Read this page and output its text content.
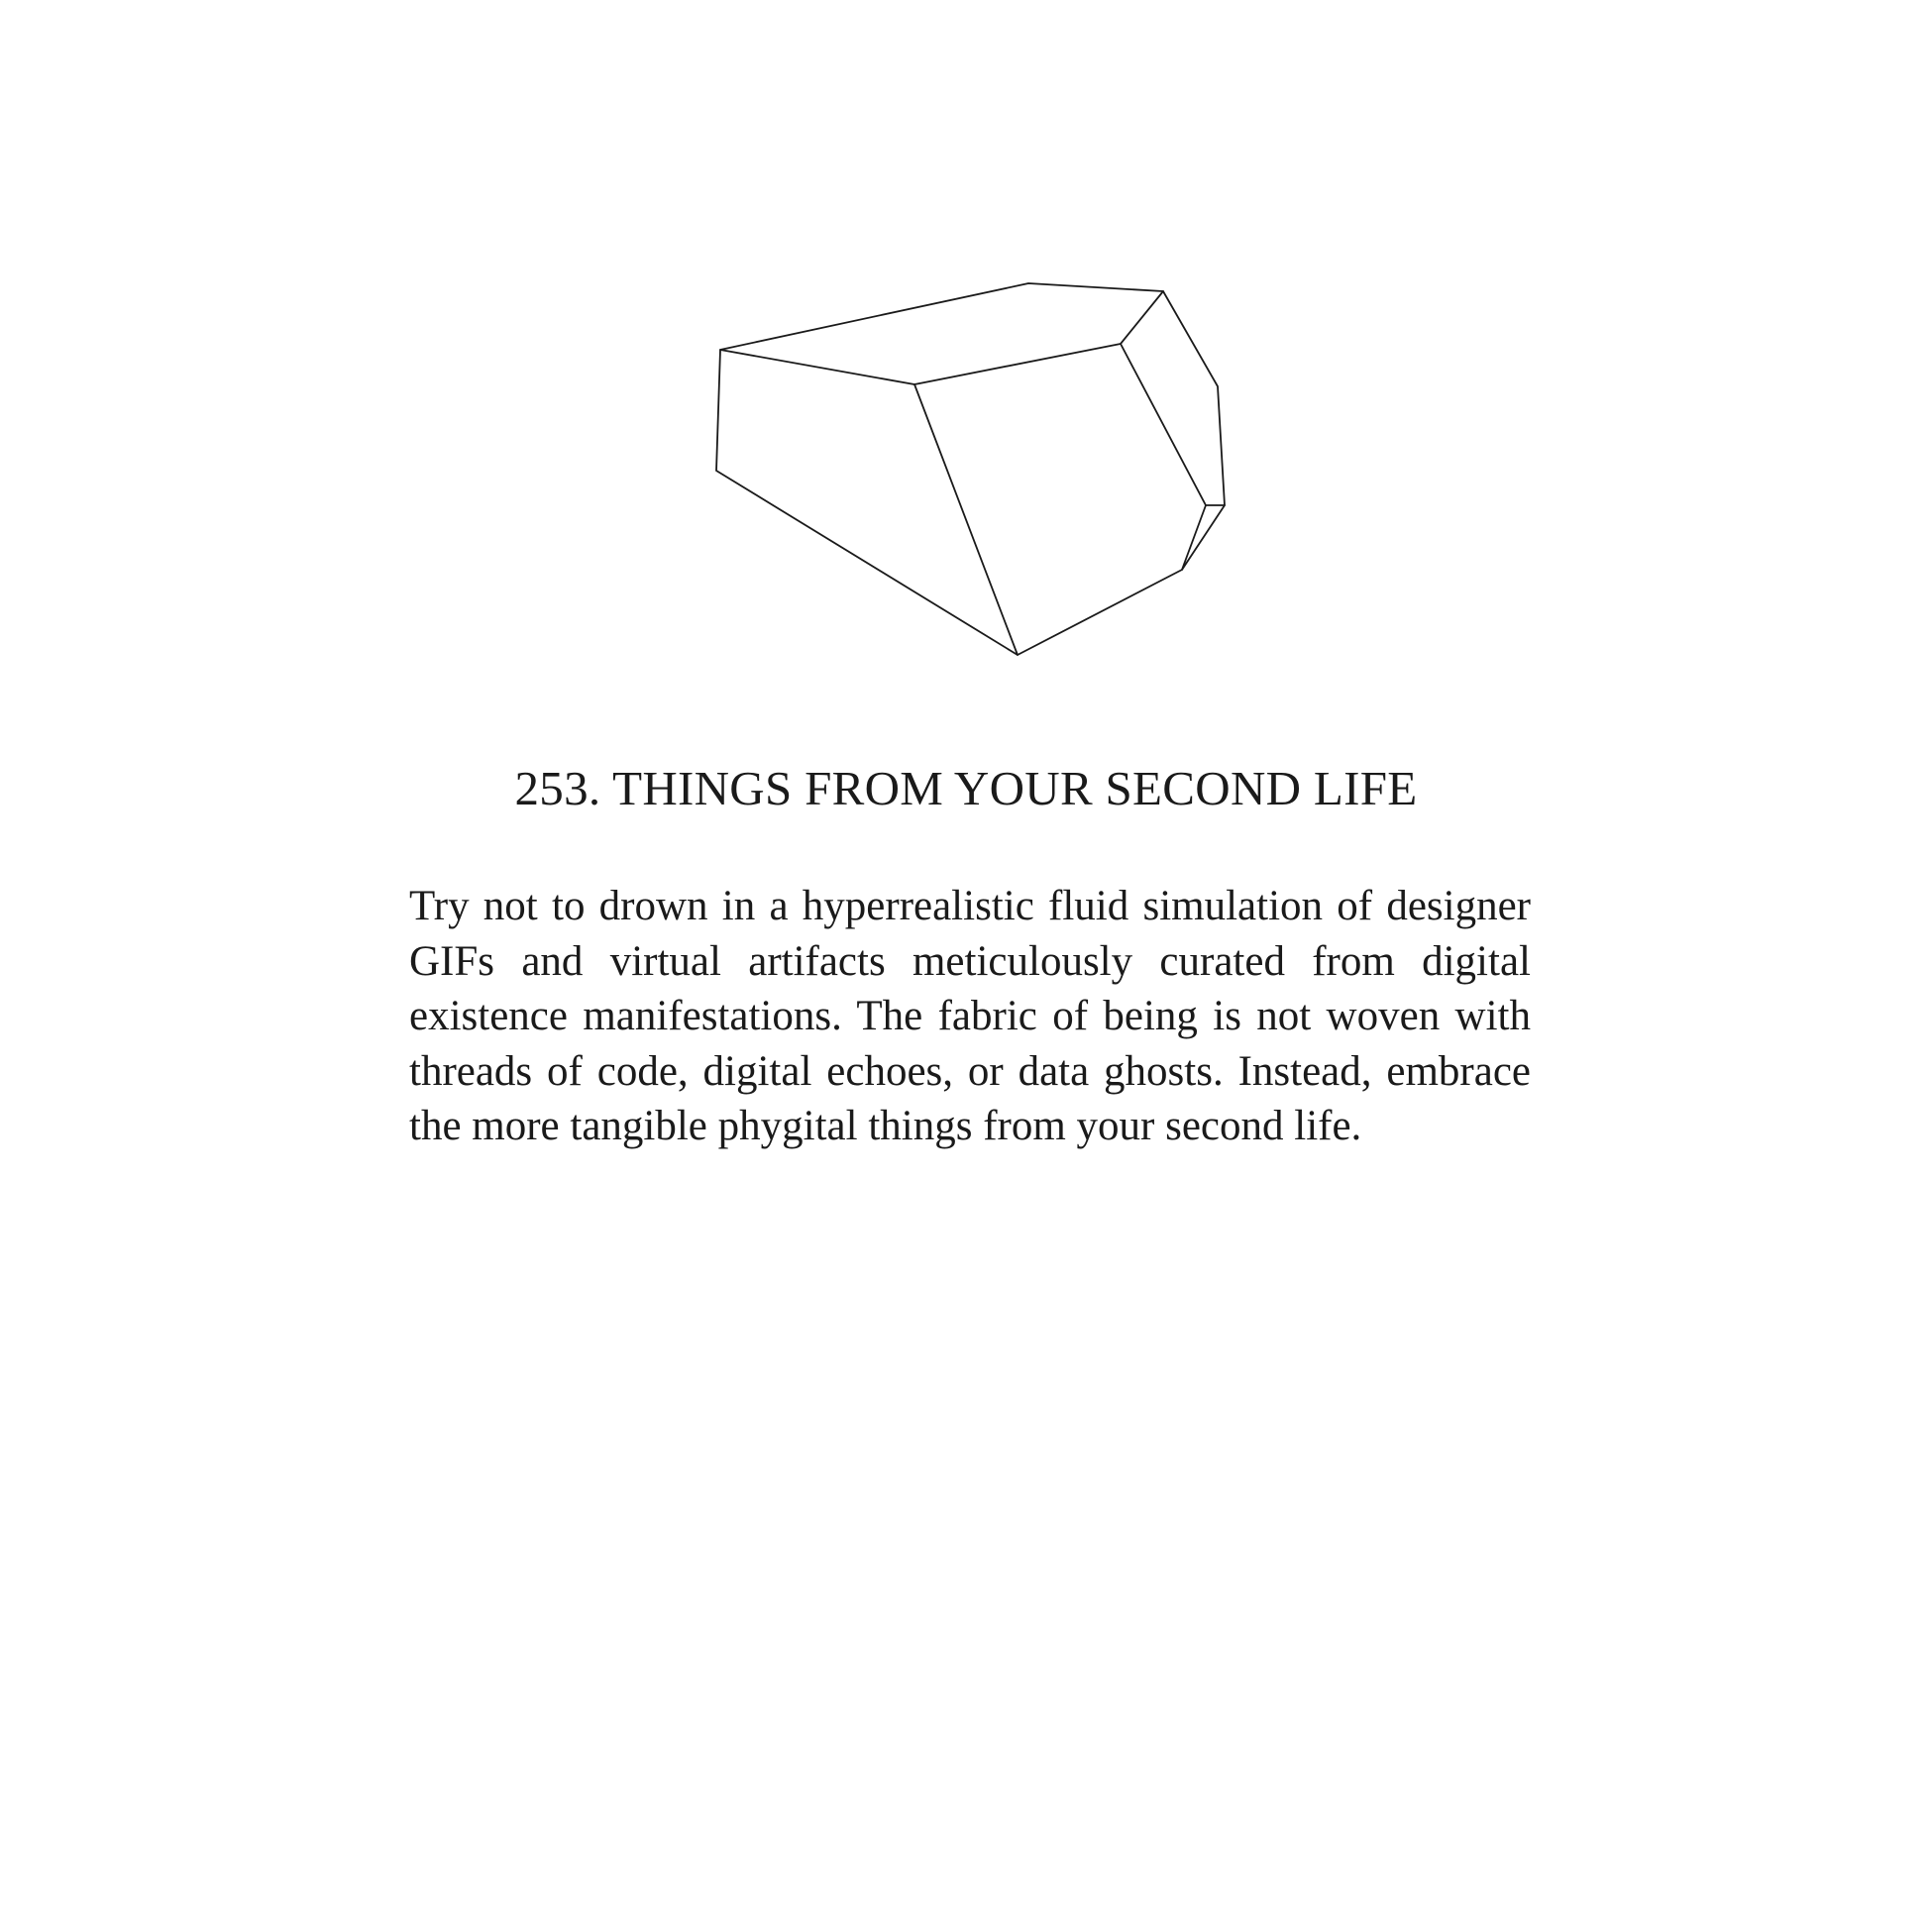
253. THINGS FROM YOUR SECOND LIFE

Try not to drown in a hyperrealistic fluid simulation of designer GIFs and virtual artifacts meticulously curated from digital existence manifestations. The fabric of being is not woven with threads of code, digital echoes, or data ghosts. Instead, embrace the more tangible phygital things from your second life.
